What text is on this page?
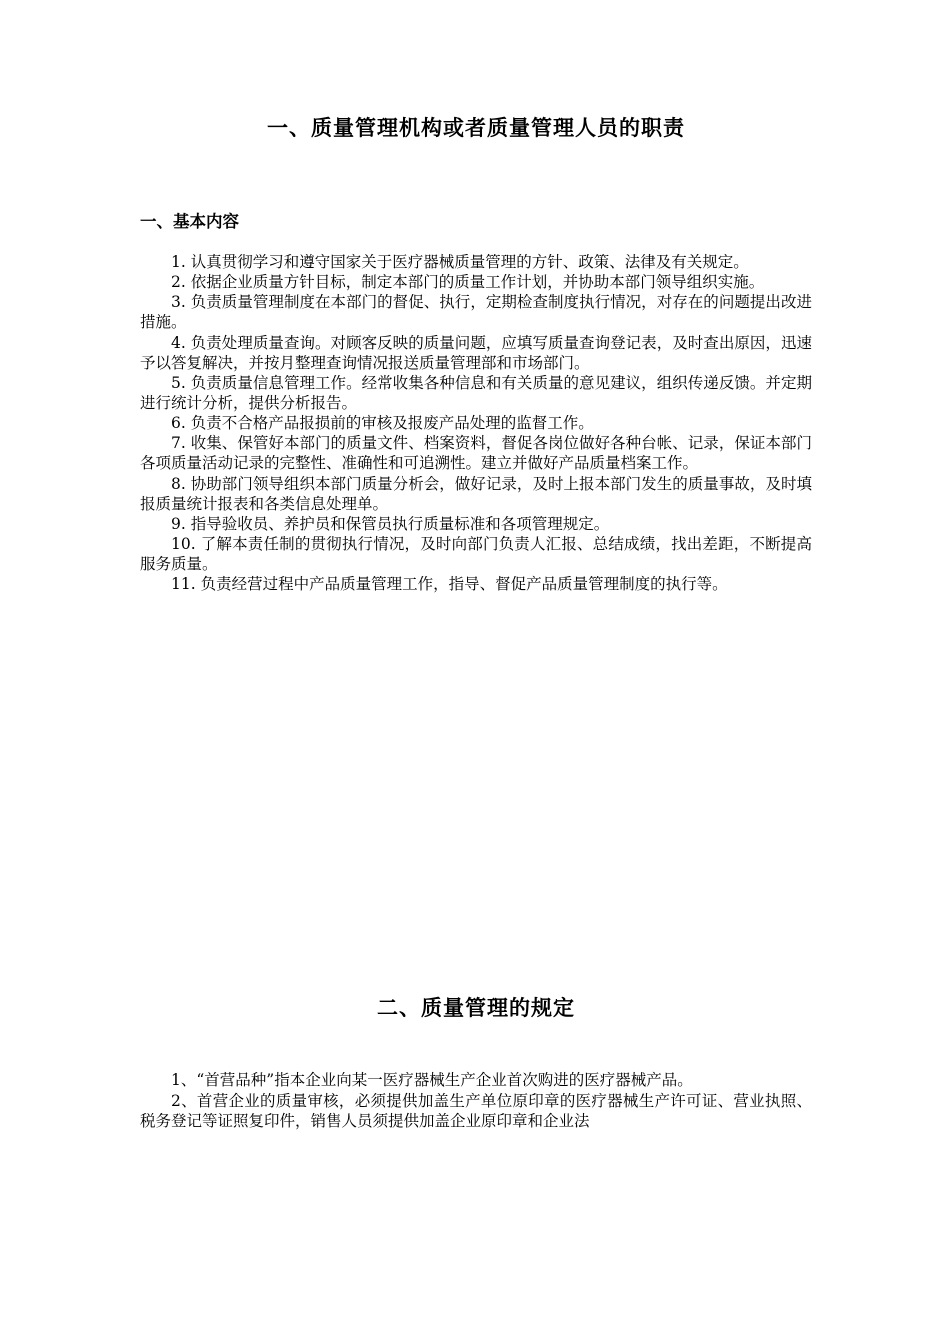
一、质量管理机构或者质量管理人员的职责
一、基本内容

1. 认真贯彻学习和遵守国家关于医疗器械质量管理的方针、政策、法律及有关规定。

2. 依据企业质量方针目标，制定本部门的质量工作计划，并协助本部门领导组织实施。

3. 负责质量管理制度在本部门的督促、执行，定期检查制度执行情况，对存在的问题提出改进措施。

4. 负责处理质量查询。对顾客反映的质量问题，应填写质量查询登记表，及时查出原因，迅速予以答复解决，并按月整理查询情况报送质量管理部和市场部门。

5. 负责质量信息管理工作。经常收集各种信息和有关质量的意见建议，组织传递反馈。并定期进行统计分析，提供分析报告。

6. 负责不合格产品报损前的审核及报废产品处理的监督工作。

7. 收集、保管好本部门的质量文件、档案资料，督促各岗位做好各种台帐、记录，保证本部门各项质量活动记录的完整性、准确性和可追溯性。建立并做好产品质量档案工作。

8. 协助部门领导组织本部门质量分析会，做好记录，及时上报本部门发生的质量事故，及时填报质量统计报表和各类信息处理单。

9. 指导验收员、养护员和保管员执行质量标准和各项管理规定。

10. 了解本责任制的贯彻执行情况，及时向部门负责人汇报、总结成绩，找出差距，不断提高服务质量。

11. 负责经营过程中产品质量管理工作，指导、督促产品质量管理制度的执行等。

二、质量管理的规定

1、“首营品种”指本企业向某一医疗器械生产企业首次购进的医疗器械产品。

2、首营企业的质量审核，必须提供加盖生产单位原印章的医疗器械生产许可证、营业执照、税务登记等证照复印件，销售人员须提供加盖企业原印章和企业法
